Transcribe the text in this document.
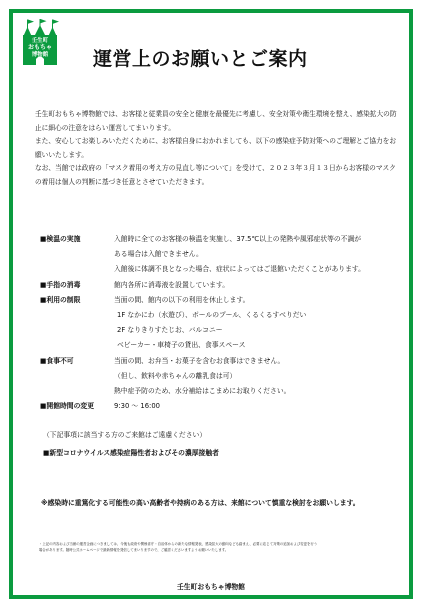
壬生町
おもちゃ
博物館	運営上のお願いとご案内

壬生町おもちゃ博物館では、お客様と従業員の安全と健康を最優先に考慮し、安全対策や衛生環境を整え、感染拡大の防止に細心の注意をはらい運営してまいります。

また、安心してお楽しみいただくために、お客様自身におかれましても、以下の感染症予防対策へのご理解とご協力をお願いいたします。

なお、当館では政府の「マスク着用の考え方の見直し等について」を受けて、２０２３年３月１３日からお客様のマスクの着用は個人の判断に基づき任意とさせていただきます。

■検温の実施	入館時に全てのお客様の検温を実施し、37.5℃以上の発熱や風邪症状等の不調が
ある場合は入館できません。
入館後に体調不良となった場合、症状によってはご退館いただくことがあります。
■手指の消毒	館内各所に消毒液を設置しています。
■利用の制限	当面の間、館内の以下の利用を休止します。
1F なかにわ（水遊び）、ボールのプール、くるくるすべりだい
2F なりきりすたじお、バルコニー
ベビーカー・車椅子の貸出、食事スペース
■食事不可	当面の間、お弁当・お菓子を含むお食事はできません。
（但し、飲料や赤ちゃんの離乳食は可）
熱中症予防のため、水分補給はこまめにお取りください。
■開館時間の変更	9:30 ～ 16:00
（下記事項に該当する方のご来館はご遠慮ください）
■新型コロナウイルス感染症陽性者およびその濃厚接触者
※感染時に重篤化する可能性の高い高齢者や持病のある方は、来館について慎重な検討をお願いします。

・上記の内容および当館の運営企画につきましては、今後も政府や関係省庁・自治体からの新たな情報発表、感染拡大の動向なども踏まえ、必要に応じて対策の追加および変更を行う

場合があります。随時公式ホームページで最新情報を発信してまいりますので、ご確認くださいますようお願いいたします。

壬生町おもちゃ博物館
2303-2
